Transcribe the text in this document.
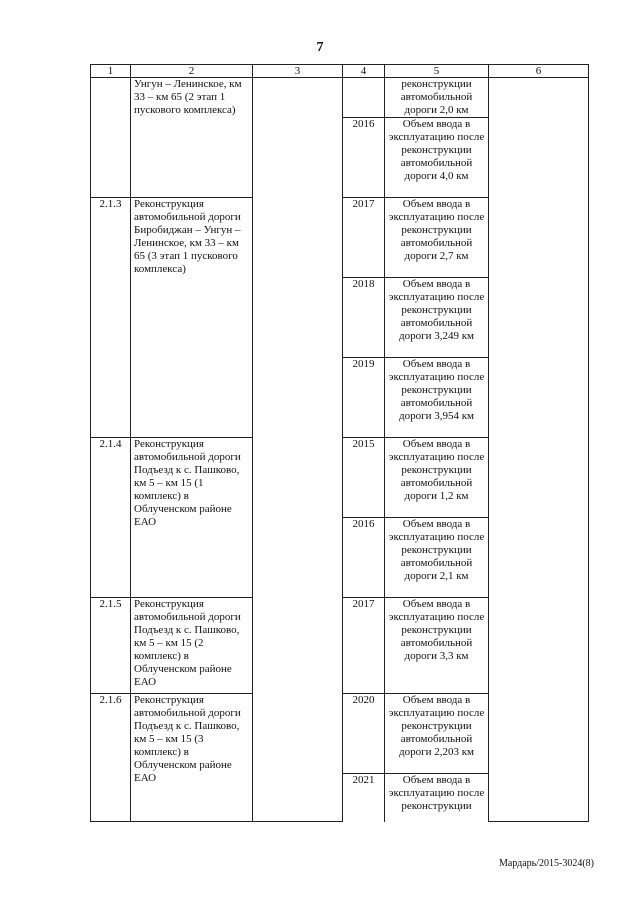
7
1	2	3	4	5	6
	Унгун – Ленинское, км 33 – км 65 (2 этап 1 пускового комплекса)			реконструкции автомобильной дороги 2,0 км	
			2016	Объем ввода в эксплуатацию после реконструкции автомобильной дороги 4,0 км	
2.1.3	Реконструкция автомобильной дороги Биробиджан – Унгун – Ленинское, км 33 – км 65 (3 этап 1 пускового комплекса)		2017	Объем ввода в эксплуатацию после реконструкции автомобильной дороги 2,7 км	
			2018	Объем ввода в эксплуатацию после реконструкции автомобильной дороги 3,249 км	
			2019	Объем ввода в эксплуатацию после реконструкции автомобильной дороги 3,954 км	
2.1.4	Реконструкция автомобильной дороги Подъезд к с. Пашково, км 5 – км 15 (1 комплекс) в Облученском районе ЕАО		2015	Объем ввода в эксплуатацию после реконструкции автомобильной дороги 1,2 км	
			2016	Объем ввода в эксплуатацию после реконструкции автомобильной дороги 2,1 км	
2.1.5	Реконструкция автомобильной дороги Подъезд к с. Пашково, км 5 – км 15 (2 комплекс) в Облученском районе ЕАО		2017	Объем ввода в эксплуатацию после реконструкции автомобильной дороги 3,3 км	
2.1.6	Реконструкция автомобильной дороги Подъезд к с. Пашково, км 5 – км 15 (3 комплекс) в Облученском районе ЕАО		2020	Объем ввода в эксплуатацию после реконструкции автомобильной дороги 2,203 км	
			2021	Объем ввода в эксплуатацию после реконструкции	
Мардарь/2015-3024(8)
